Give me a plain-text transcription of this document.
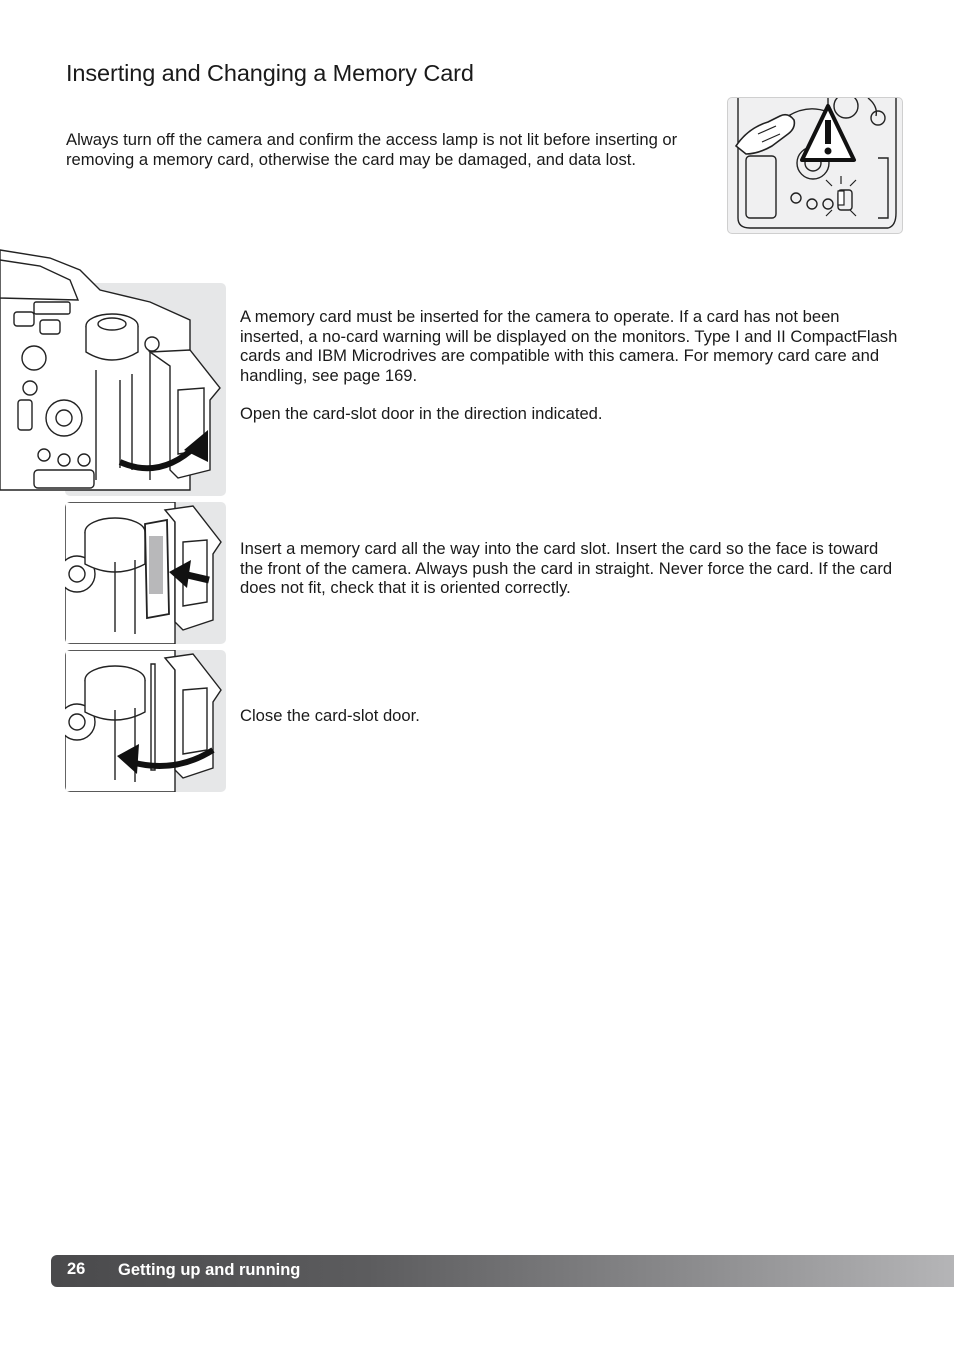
Inserting and Changing a Memory Card

Always turn off the camera and confirm the access lamp is not lit before inserting or removing a memory card, otherwise the card may be damaged, and data lost.

A memory card must be inserted for the camera to operate. If a card has not been inserted, a no-card warning will be displayed on the monitors. Type I and II CompactFlash cards and IBM Microdrives are compatible with this camera. For memory card care and handling, see page 169.

Open the card-slot door in the direction indicated.

Insert a memory card all the way into the card slot. Insert the card so the face is toward the front of the camera. Always push the card in straight. Never force the card. If the card does not fit, check that it is oriented correctly.

Close the card-slot door.

26 Getting up and running
